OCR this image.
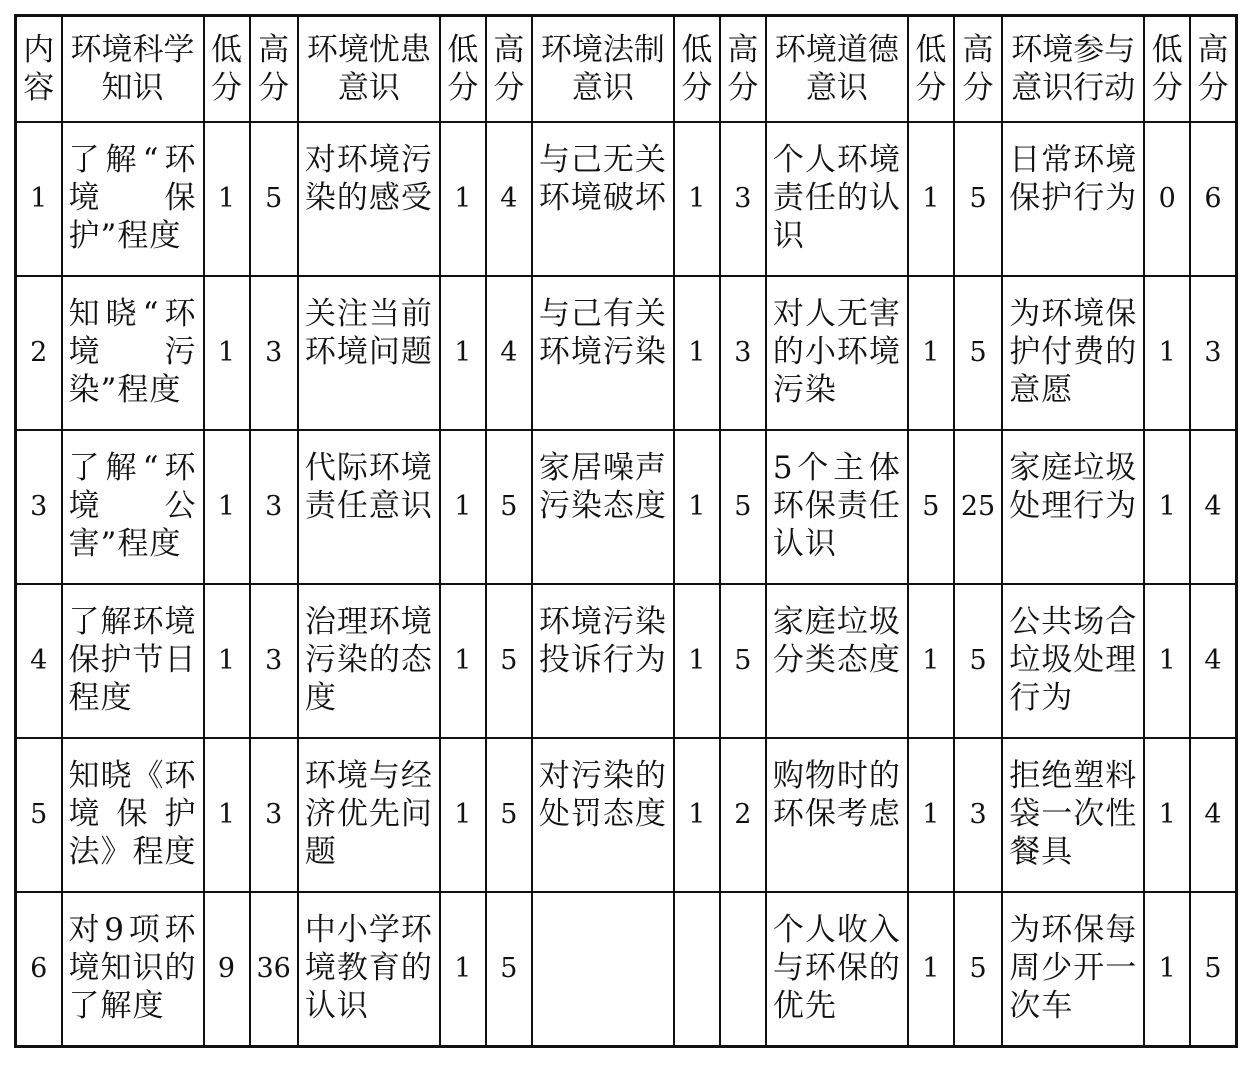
内容	环境科学知识	低分	高分	环境忧患意识	低分	高分	环境法制意识	低分	高分	环境道德意识	低分	高分	环境参与意识行动	低分	高分
1	了解“环境保护”程度	1	5	对环境污染的感受	1	4	与己无关环境破坏	1	3	个人环境责任的认识	1	5	日常环境保护行为	0	6
2	知晓“环境污染”程度	1	3	关注当前环境问题	1	4	与己有关环境污染	1	3	对人无害的小环境污染	1	5	为环境保护付费的意愿	1	3
3	了解“环境公害”程度	1	3	代际环境责任意识	1	5	家居噪声污染态度	1	5	5个主体环保责任认识	5	25	家庭垃圾处理行为	1	4
4	了解环境保护节日程度	1	3	治理环境污染的态度	1	5	环境污染投诉行为	1	5	家庭垃圾分类态度	1	5	公共场合垃圾处理行为	1	4
5	知晓《环境保护法》程度	1	3	环境与经济优先问题	1	5	对污染的处罚态度	1	2	购物时的环保考虑	1	3	拒绝塑料袋一次性餐具	1	4
6	对9项环境知识的了解度	9	36	中小学环境教育的认识	1	5				个人收入与环保的优先	1	5	为环保每周少开一次车	1	5
